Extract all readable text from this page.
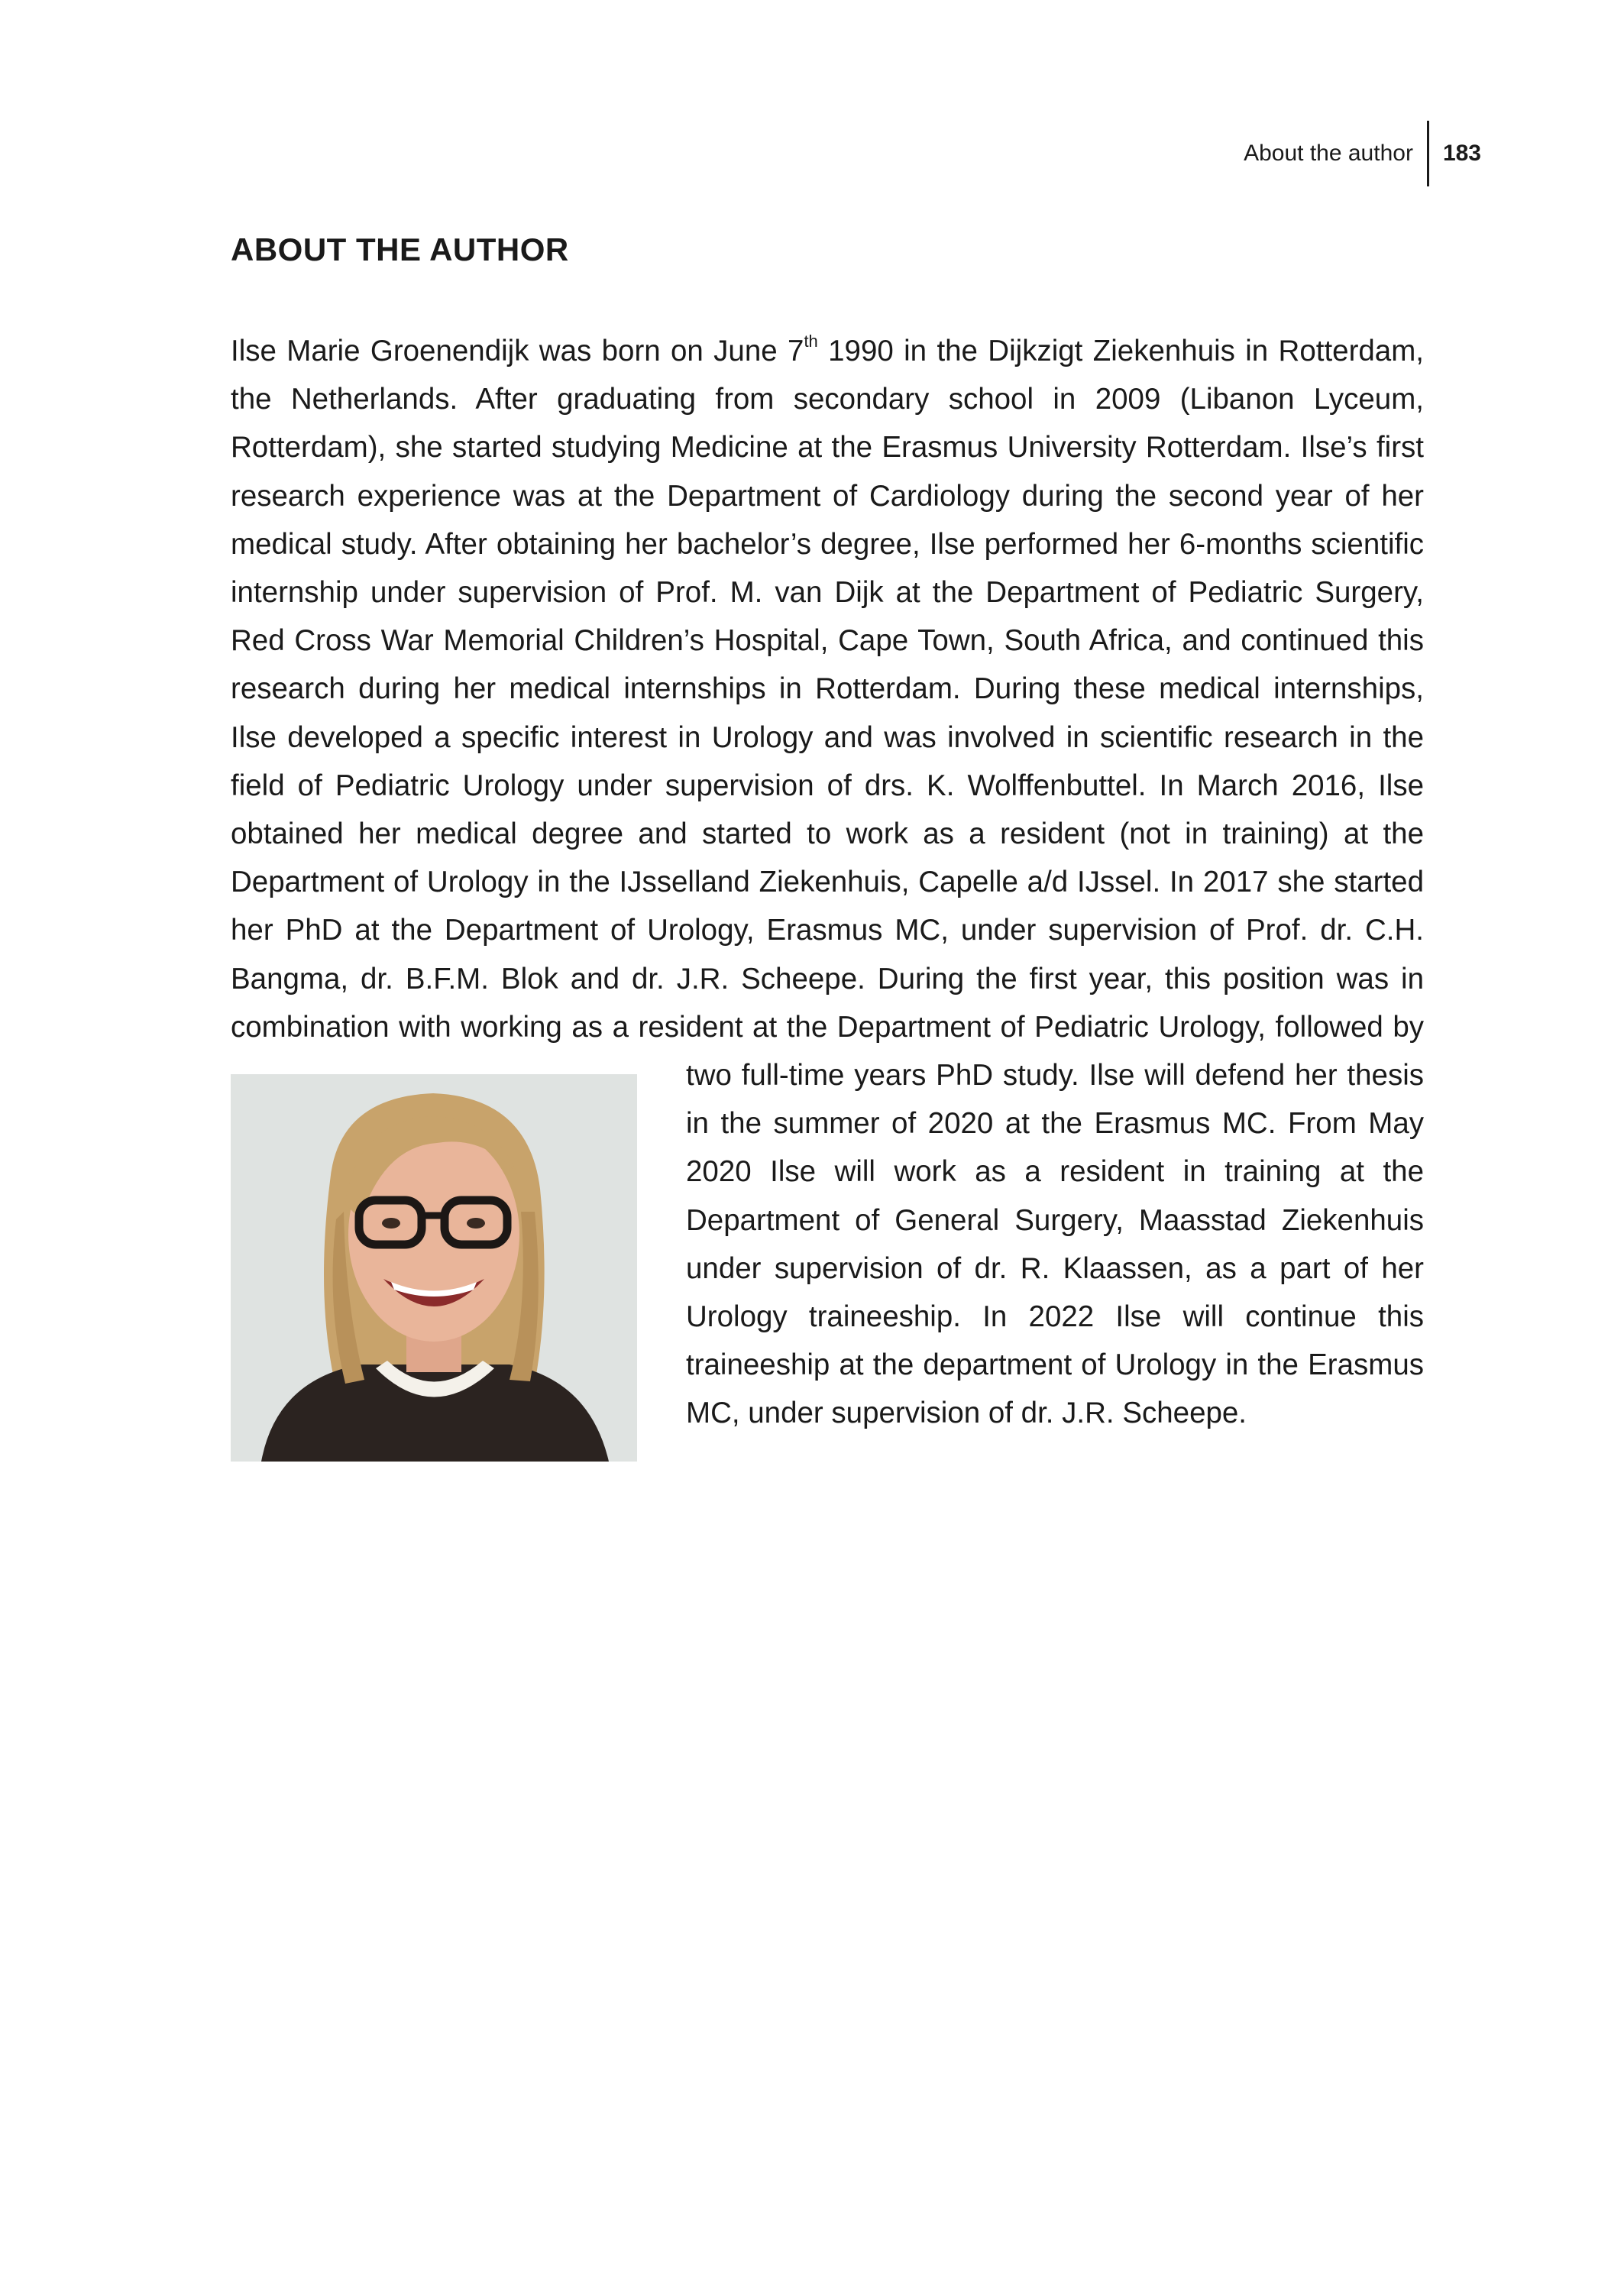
About the author	183
ABOUT THE AUTHOR
Ilse Marie Groenendijk was born on June 7th 1990 in the Dijkzigt Ziekenhuis in Rotterdam, the Netherlands. After graduating from secondary school in 2009 (Libanon Lyceum, Rotterdam), she started studying Medicine at the Erasmus University Rotterdam. Ilse’s first research experience was at the Department of Cardiology during the second year of her medical study. After obtaining her bachelor’s degree, Ilse performed her 6-months scientific internship under supervision of Prof. M. van Dijk at the Department of Pediatric Surgery, Red Cross War Memorial Children’s Hospital, Cape Town, South Africa, and continued this research during her medical internships in Rotterdam. During these medical internships, Ilse developed a specific interest in Urology and was involved in scientific research in the field of Pediatric Urology under supervision of drs. K. Wolffenbuttel. In March 2016, Ilse obtained her medical degree and started to work as a resident (not in training) at the Department of Urology in the IJsselland Ziekenhuis, Capelle a/d IJssel. In 2017 she started her PhD at the Department of Urology, Erasmus MC, under supervision of Prof. dr. C.H. Bangma, dr. B.F.M. Blok and dr. J.R. Scheepe. During the first year, this position was in combination with working as a resident at the Department of Pediatric Urology, followed by two full-time years PhD study. Ilse will defend her thesis in the summer of 2020 at the Erasmus MC. From May 2020 Ilse will work as a resident in training at the Department of General Surgery, Maasstad Ziekenhuis under supervision of dr. R. Klaassen, as a part of her Urology traineeship. In 2022 Ilse will continue this traineeship at the department of Urology in the Erasmus MC, under supervision of dr. J.R. Scheepe.
